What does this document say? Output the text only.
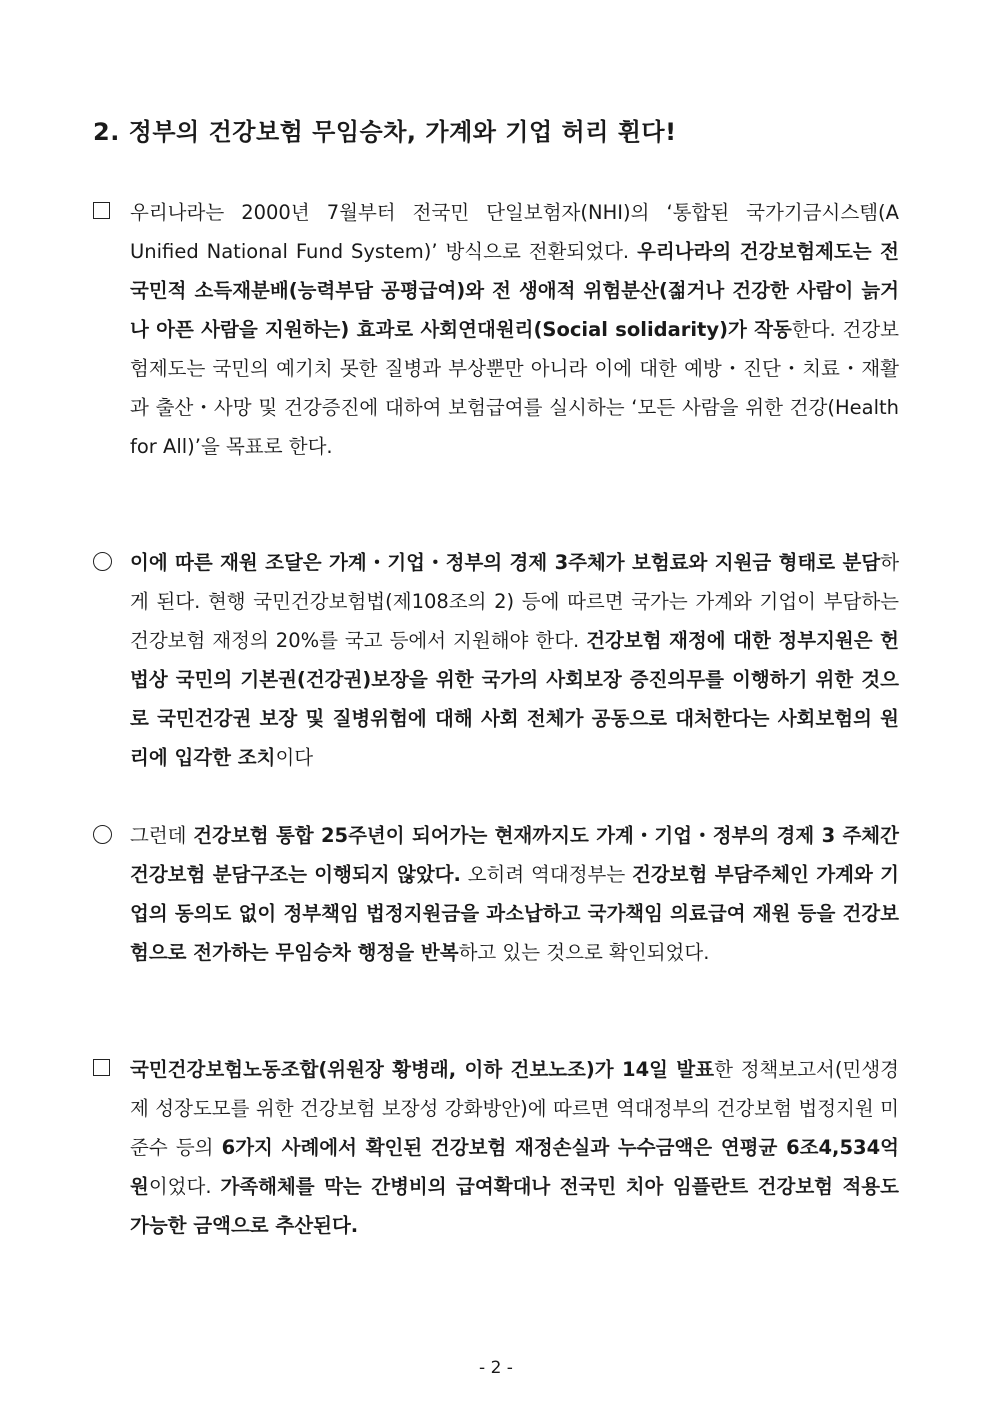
2. 정부의 건강보험 무임승차, 가계와 기업 허리 휜다!
우리나라는 2000년 7월부터 전국민 단일보험자(NHI)의 ‘통합된 국가기금시스템(A Unified National Fund System)’ 방식으로 전환되었다. 우리나라의 건강보험제도는 전 국민적 소득재분배(능력부담 공평급여)와 전 생애적 위험분산(젊거나 건강한 사람이 늙거나 아픈 사람을 지원하는) 효과로 사회연대원리(Social solidarity)가 작동한다. 건강보험제도는 국민의 예기치 못한 질병과 부상뿐만 아니라 이에 대한 예방・진단・치료・재활과 출산・사망 및 건강증진에 대하여 보험급여를 실시하는 ‘모든 사람을 위한 건강(Health for All)’을 목표로 한다.
이에 따른 재원 조달은 가계・기업・정부의 경제 3주체가 보험료와 지원금 형태로 분담하게 된다. 현행 국민건강보험법(제108조의 2) 등에 따르면 국가는 가계와 기업이 부담하는 건강보험 재정의 20%를 국고 등에서 지원해야 한다. 건강보험 재정에 대한 정부지원은 헌법상 국민의 기본권(건강권)보장을 위한 국가의 사회보장 증진의무를 이행하기 위한 것으로 국민건강권 보장 및 질병위험에 대해 사회 전체가 공동으로 대처한다는 사회보험의 원리에 입각한 조치이다
그런데 건강보험 통합 25주년이 되어가는 현재까지도 가계・기업・정부의 경제 3 주체간 건강보험 분담구조는 이행되지 않았다. 오히려 역대정부는 건강보험 부담주체인 가계와 기업의 동의도 없이 정부책임 법정지원금을 과소납하고 국가책임 의료급여 재원 등을 건강보험으로 전가하는 무임승차 행정을 반복하고 있는 것으로 확인되었다.
국민건강보험노동조합(위원장 황병래, 이하 건보노조)가 14일 발표한 정책보고서(민생경제 성장도모를 위한 건강보험 보장성 강화방안)에 따르면 역대정부의 건강보험 법정지원 미준수 등의 6가지 사례에서 확인된 건강보험 재정손실과 누수금액은 연평균 6조4,534억원이었다. 가족해체를 막는 간병비의 급여확대나 전국민 치아 임플란트 건강보험 적용도 가능한 금액으로 추산된다.
- 2 -
